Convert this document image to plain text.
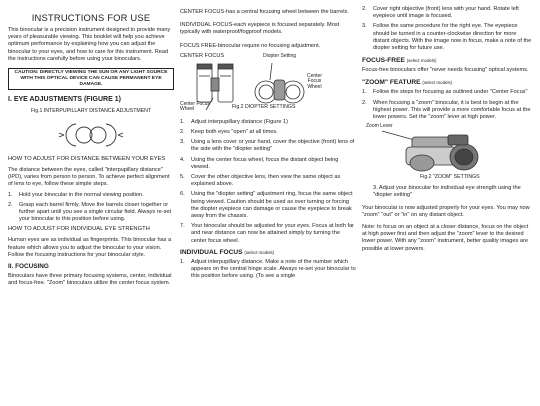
INSTRUCTIONS FOR USE

This binocular is a precision instrument designed to provide many years of pleasurable viewing. This booklet will help you achieve optimum performance by explaining how you can adjust the binocular to your eyes, and how to care for this instrument. Read the instructions carefully before using your binoculars.

CAUTION: DIRECTLY VIEWING THE SUN OR ANY LIGHT SOURCE WITH THIS OPTICAL DEVICE CAN CAUSE PERMANENT EYE DAMAGE.

I. EYE ADJUSTMENTS (FIGURE 1)

Fig.1 INTERPUPILLARY DISTANCE ADJUSTMENT

HOW TO ADJUST FOR DISTANCE BETWEEN YOUR EYES

The distance between the eyes, called "interpupillary distance" (IPD), varies from person to person. To achieve perfect alignment of lens to eye, follow these simple steps.

1. Hold your binocular in the normal viewing position.
2. Grasp each barrel firmly. Move the barrels closer together or further apart until you see a single circular field. Always re-set your binocular to this position before using.

HOW TO ADJUST FOR INDIVIDUAL EYE STRENGTH

Human eyes are as individual as fingerprints. This binocular has a feature which allows you to adjust the binocular to your vision. Follow the focusing instructions for your binocular style.

II. FOCUSING

Binoculars have three primary focusing systems, center, individual and focus-free. "Zoom" binoculars utilize the center focus system.

CENTER FOCUS-has a central focusing wheel between the barrels.

INDIVIDUAL FOCUS-each eyepiece is focused separately. Most typically with waterproof/fogproof models.

FOCUS FREE-binocular require no focusing adjustment.

CENTER FOCUS	Diopter Setting
Center
Focus
Wheel
Center Focus
Wheel	Fig.2 DIOPTER SETTINGS
1. Adjust interpupillary distance (Figure 1)
2. Keep both eyes "open" at all times.
3. Using a lens cover or your hand, cover the objective (front) lens of the side with the "diopter setting"
4. Using the center focus wheel, focus the distant object being viewed.
5. Cover the other objective lens, then view the same object as explained above.
6. Using the "diopter setting" adjustment ring, focus the same object being viewed. Caution should be used as over turning or forcing the diopter eyepiece can damage or cause the eyepiece to break away from the chassis.
7. Your binocular should be adjusted for your eyes. Focus at both far and near distance can now be attained simply by turning the center focus wheel.

INDIVIDUAL FOCUS (select models)

1. Adjust interpupillary distance. Make a note of the number which appears on the central hinge scale. Always re-set your binocular to this position before using. (To see a single
2. Cover right objective (front) lens with your hand. Rotate left eyepiece until image is focused.
3. Follow the same procedure for the right eye. The eyepiece should be turned in a counter-clockwise direction for more distant objects. With the image now in focus, make a note of the diopter setting for future use.

FOCUS-FREE (select models)

Focus-free binoculars offer "never needs focusing" optical systems.

"ZOOM" FEATURE (select models)

1. Follow the steps for focusing as outlined under "Center Focus"
2. When focusing a "zoom" binocular, it is best to begin at the highest power. This will provide a more comfortable focus at the lower powers. Set the "zoom" lever at high power.
Zoom Lever
Fig.2 "ZOOM" SETTINGS

3. Adjust your binocular for individual eye strength using the "diopter setting"

Your binocular is now adjusted properly for your eyes. You may now "zoom" "out" or "in" on any distant object.

Note: to focus on an object at a closer distance, focus on the object at high power first and then adjust the "zoom" lever to the desired lower power. With any "zoom" instrument, better quality images are possible at lower powers.
